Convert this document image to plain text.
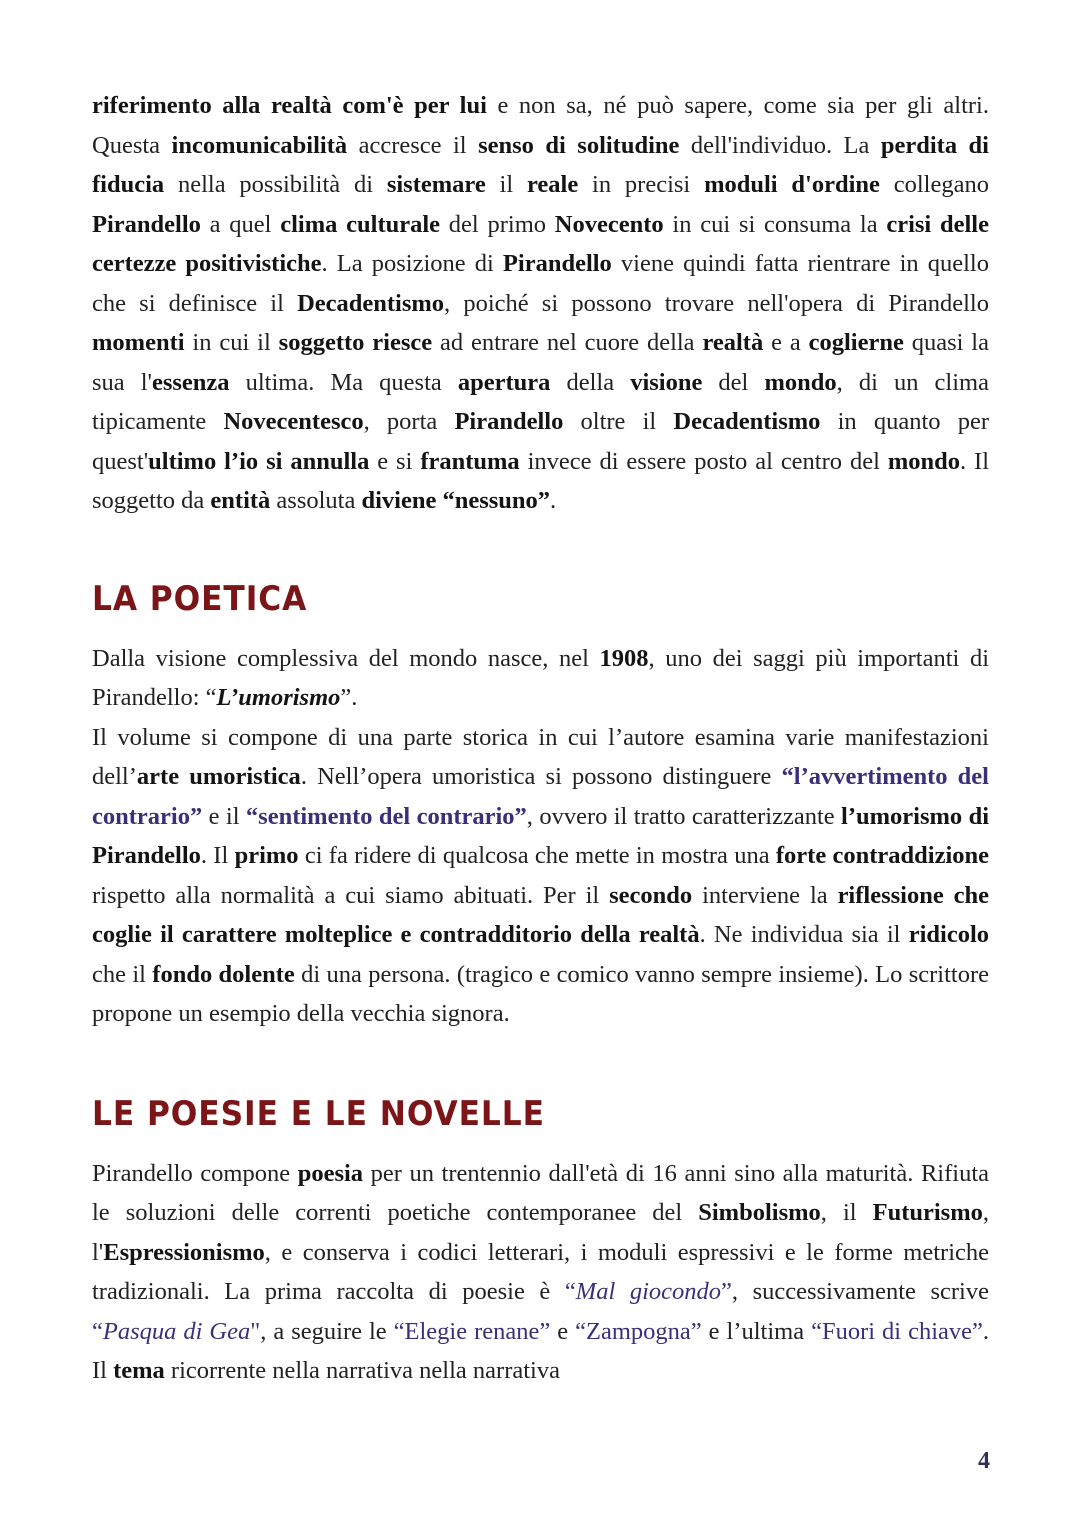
riferimento alla realtà com'è per lui e non sa, né può sapere, come sia per gli altri. Questa incomunicabilità accresce il senso di solitudine dell'individuo. La perdita di fiducia nella possibilità di sistemare il reale in precisi moduli d'ordine collegano Pirandello a quel clima culturale del primo Novecento in cui si consuma la crisi delle certezze positivistiche. La posizione di Pirandello viene quindi fatta rientrare in quello che si definisce il Decadentismo, poiché si possono trovare nell'opera di Pirandello momenti in cui il soggetto riesce ad entrare nel cuore della realtà e a coglierne quasi la sua l'essenza ultima. Ma questa apertura della visione del mondo, di un clima tipicamente Novecentesco, porta Pirandello oltre il Decadentismo in quanto per quest'ultimo l’io si annulla e si frantuma invece di essere posto al centro del mondo. Il soggetto da entità assoluta diviene “nessuno”.

LA POETICA

Dalla visione complessiva del mondo nasce, nel 1908, uno dei saggi più importanti di Pirandello: “L’umorismo”.

Il volume si compone di una parte storica in cui l’autore esamina varie manifestazioni dell’arte umoristica. Nell’opera umoristica si possono distinguere “l’avvertimento del contrario” e il “sentimento del contrario”, ovvero il tratto caratterizzante l’umorismo di Pirandello. Il primo ci fa ridere di qualcosa che mette in mostra una forte contraddizione rispetto alla normalità a cui siamo abituati. Per il secondo interviene la riflessione che coglie il carattere molteplice e contradditorio della realtà. Ne individua sia il ridicolo che il fondo dolente di una persona. (tragico e comico vanno sempre insieme). Lo scrittore propone un esempio della vecchia signora.

LE POESIE E LE NOVELLE

Pirandello compone poesia per un trentennio dall'età di 16 anni sino alla maturità. Rifiuta le soluzioni delle correnti poetiche contemporanee del Simbolismo, il Futurismo, l'Espressionismo, e conserva i codici letterari, i moduli espressivi e le forme metriche tradizionali. La prima raccolta di poesie è “Mal giocondo”, successivamente scrive “Pasqua di Gea", a seguire le “Elegie renane” e “Zampogna” e l’ultima “Fuori di chiave”. Il tema ricorrente nella narrativa nella narrativa

4
